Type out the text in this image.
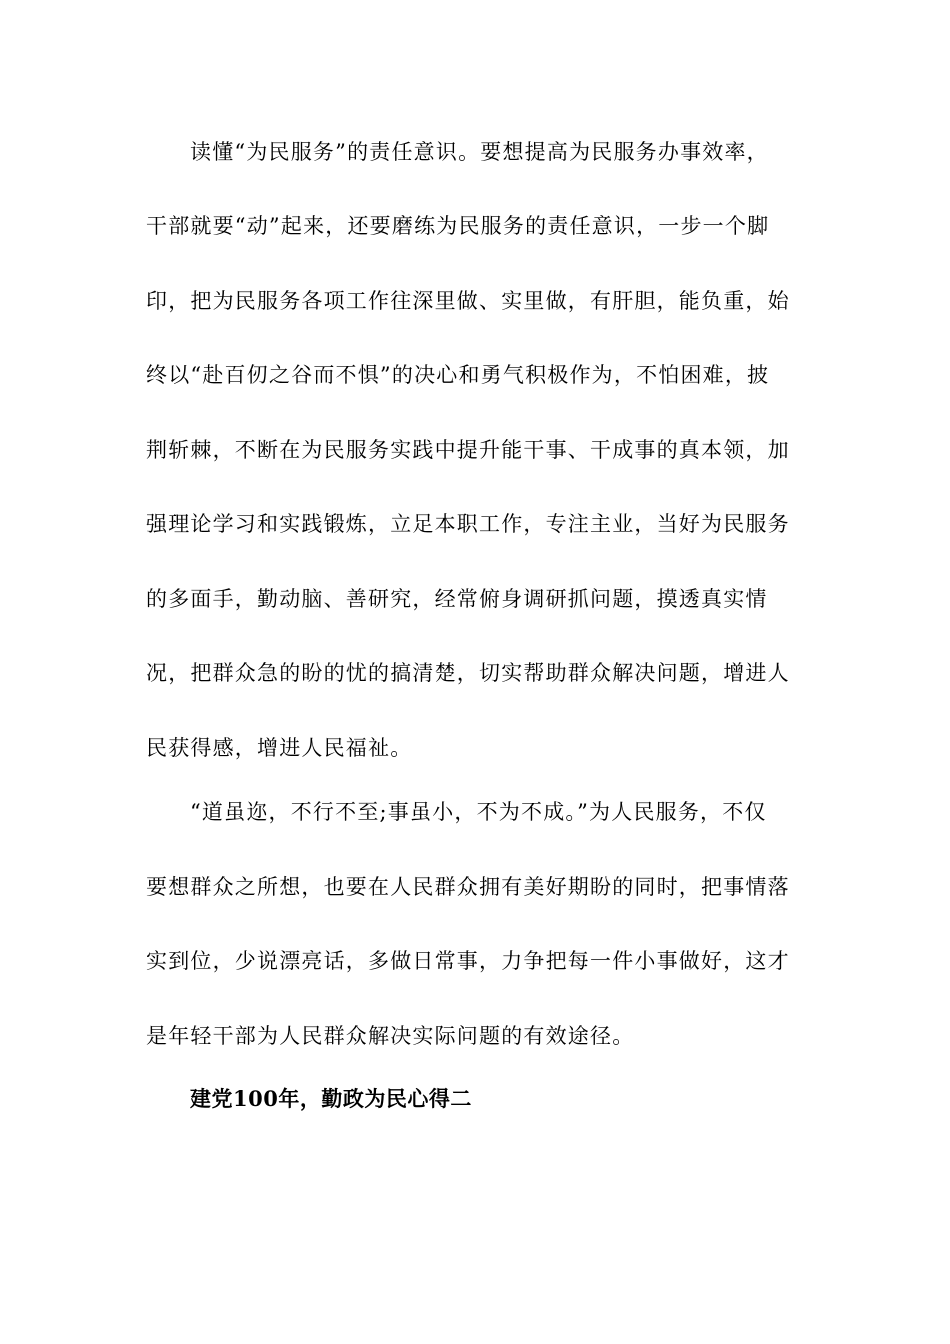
读懂“为民服务”的责任意识。要想提高为民服务办事效率，
干部就要“动”起来，还要磨练为民服务的责任意识，一步一个脚
印，把为民服务各项工作往深里做、实里做，有肝胆，能负重，始
终以“赴百仞之谷而不惧”的决心和勇气积极作为，不怕困难，披
荆斩棘，不断在为民服务实践中提升能干事、干成事的真本领，加
强理论学习和实践锻炼，立足本职工作，专注主业，当好为民服务
的多面手，勤动脑、善研究，经常俯身调研抓问题，摸透真实情
况，把群众急的盼的忧的搞清楚，切实帮助群众解决问题，增进人
民获得感，增进人民福祉。
“道虽迩，不行不至;事虽小，不为不成。”为人民服务，不仅
要想群众之所想，也要在人民群众拥有美好期盼的同时，把事情落
实到位，少说漂亮话，多做日常事，力争把每一件小事做好，这才
是年轻干部为人民群众解决实际问题的有效途径。
建党100年，勤政为民心得二
